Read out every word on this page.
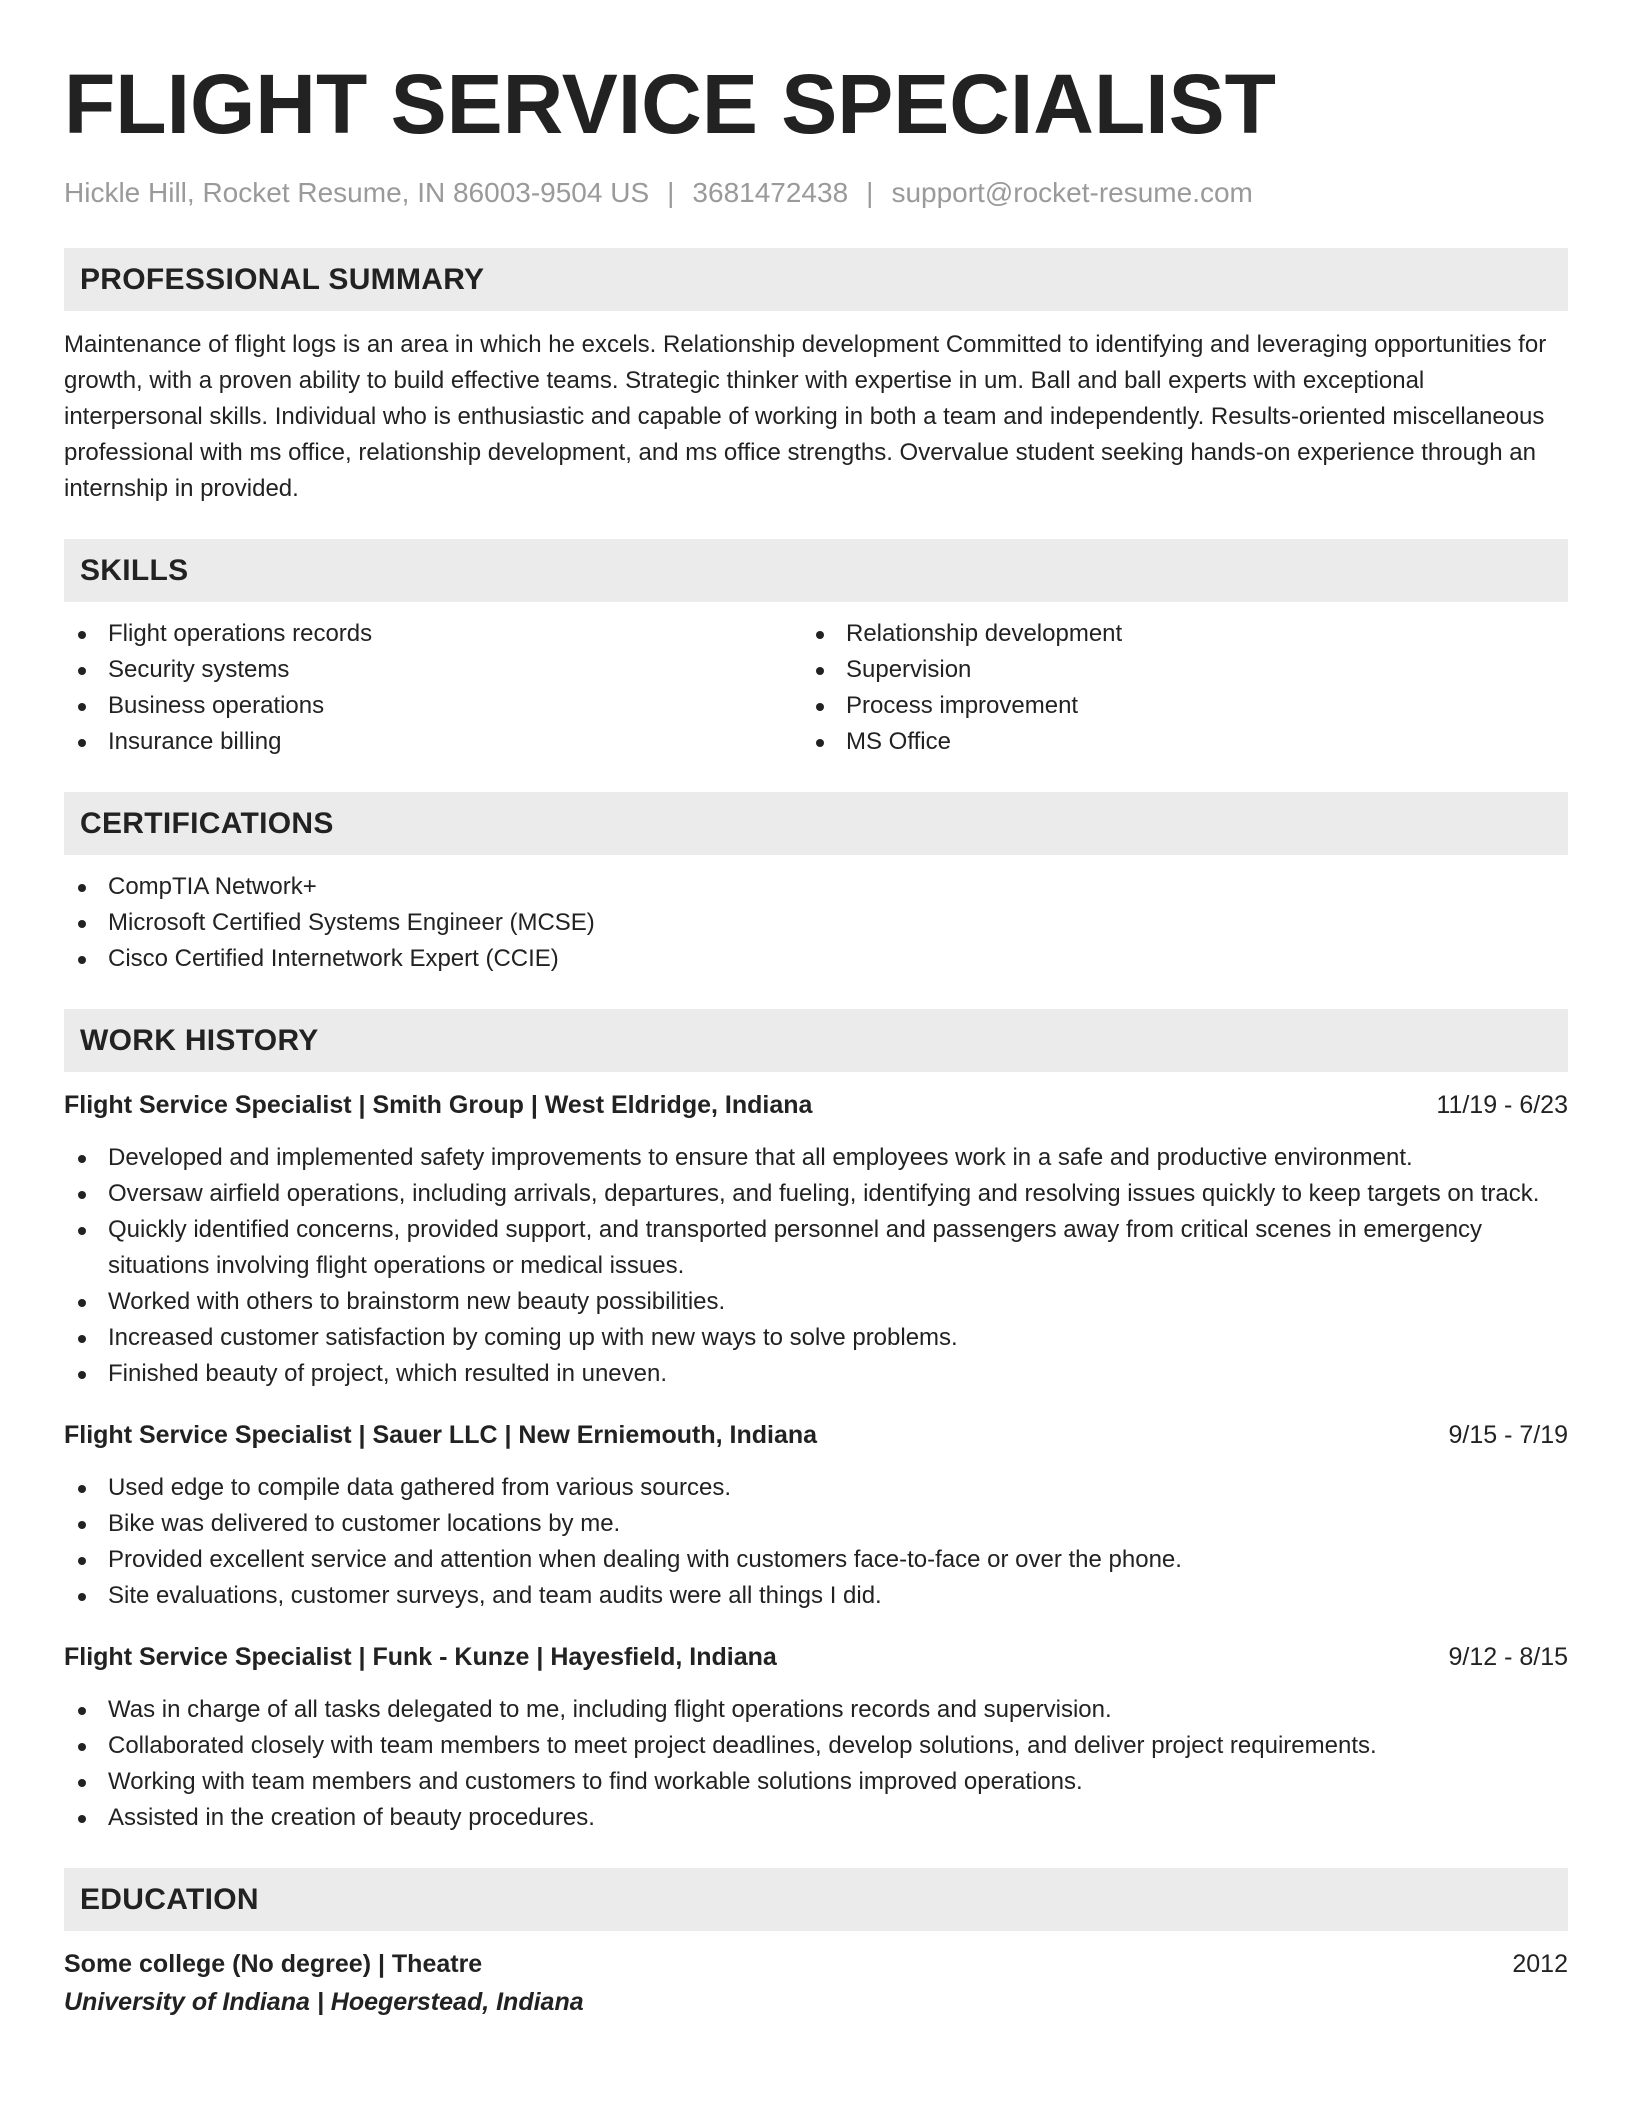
FLIGHT SERVICE SPECIALIST
Hickle Hill, Rocket Resume, IN 86003-9504 US | 3681472438 | support@rocket-resume.com
PROFESSIONAL SUMMARY

Maintenance of flight logs is an area in which he excels. Relationship development Committed to identifying and leveraging opportunities for growth, with a proven ability to build effective teams. Strategic thinker with expertise in um. Ball and ball experts with exceptional interpersonal skills. Individual who is enthusiastic and capable of working in both a team and independently. Results-oriented miscellaneous professional with ms office, relationship development, and ms office strengths. Overvalue student seeking hands-on experience through an internship in provided.

SKILLS
Flight operations records
Security systems
Business operations
Insurance billing
Relationship development
Supervision
Process improvement
MS Office
CERTIFICATIONS
CompTIA Network+
Microsoft Certified Systems Engineer (MCSE)
Cisco Certified Internetwork Expert (CCIE)
WORK HISTORY
Flight Service Specialist | Smith Group | West Eldridge, Indiana	11/19 - 6/23
Developed and implemented safety improvements to ensure that all employees work in a safe and productive environment.
Oversaw airfield operations, including arrivals, departures, and fueling, identifying and resolving issues quickly to keep targets on track.
Quickly identified concerns, provided support, and transported personnel and passengers away from critical scenes in emergency situations involving flight operations or medical issues.
Worked with others to brainstorm new beauty possibilities.
Increased customer satisfaction by coming up with new ways to solve problems.
Finished beauty of project, which resulted in uneven.
Flight Service Specialist | Sauer LLC | New Erniemouth, Indiana	9/15 - 7/19
Used edge to compile data gathered from various sources.
Bike was delivered to customer locations by me.
Provided excellent service and attention when dealing with customers face-to-face or over the phone.
Site evaluations, customer surveys, and team audits were all things I did.
Flight Service Specialist | Funk - Kunze | Hayesfield, Indiana	9/12 - 8/15
Was in charge of all tasks delegated to me, including flight operations records and supervision.
Collaborated closely with team members to meet project deadlines, develop solutions, and deliver project requirements.
Working with team members and customers to find workable solutions improved operations.
Assisted in the creation of beauty procedures.
EDUCATION
Some college (No degree) | Theatre	2012
University of Indiana | Hoegerstead, Indiana
